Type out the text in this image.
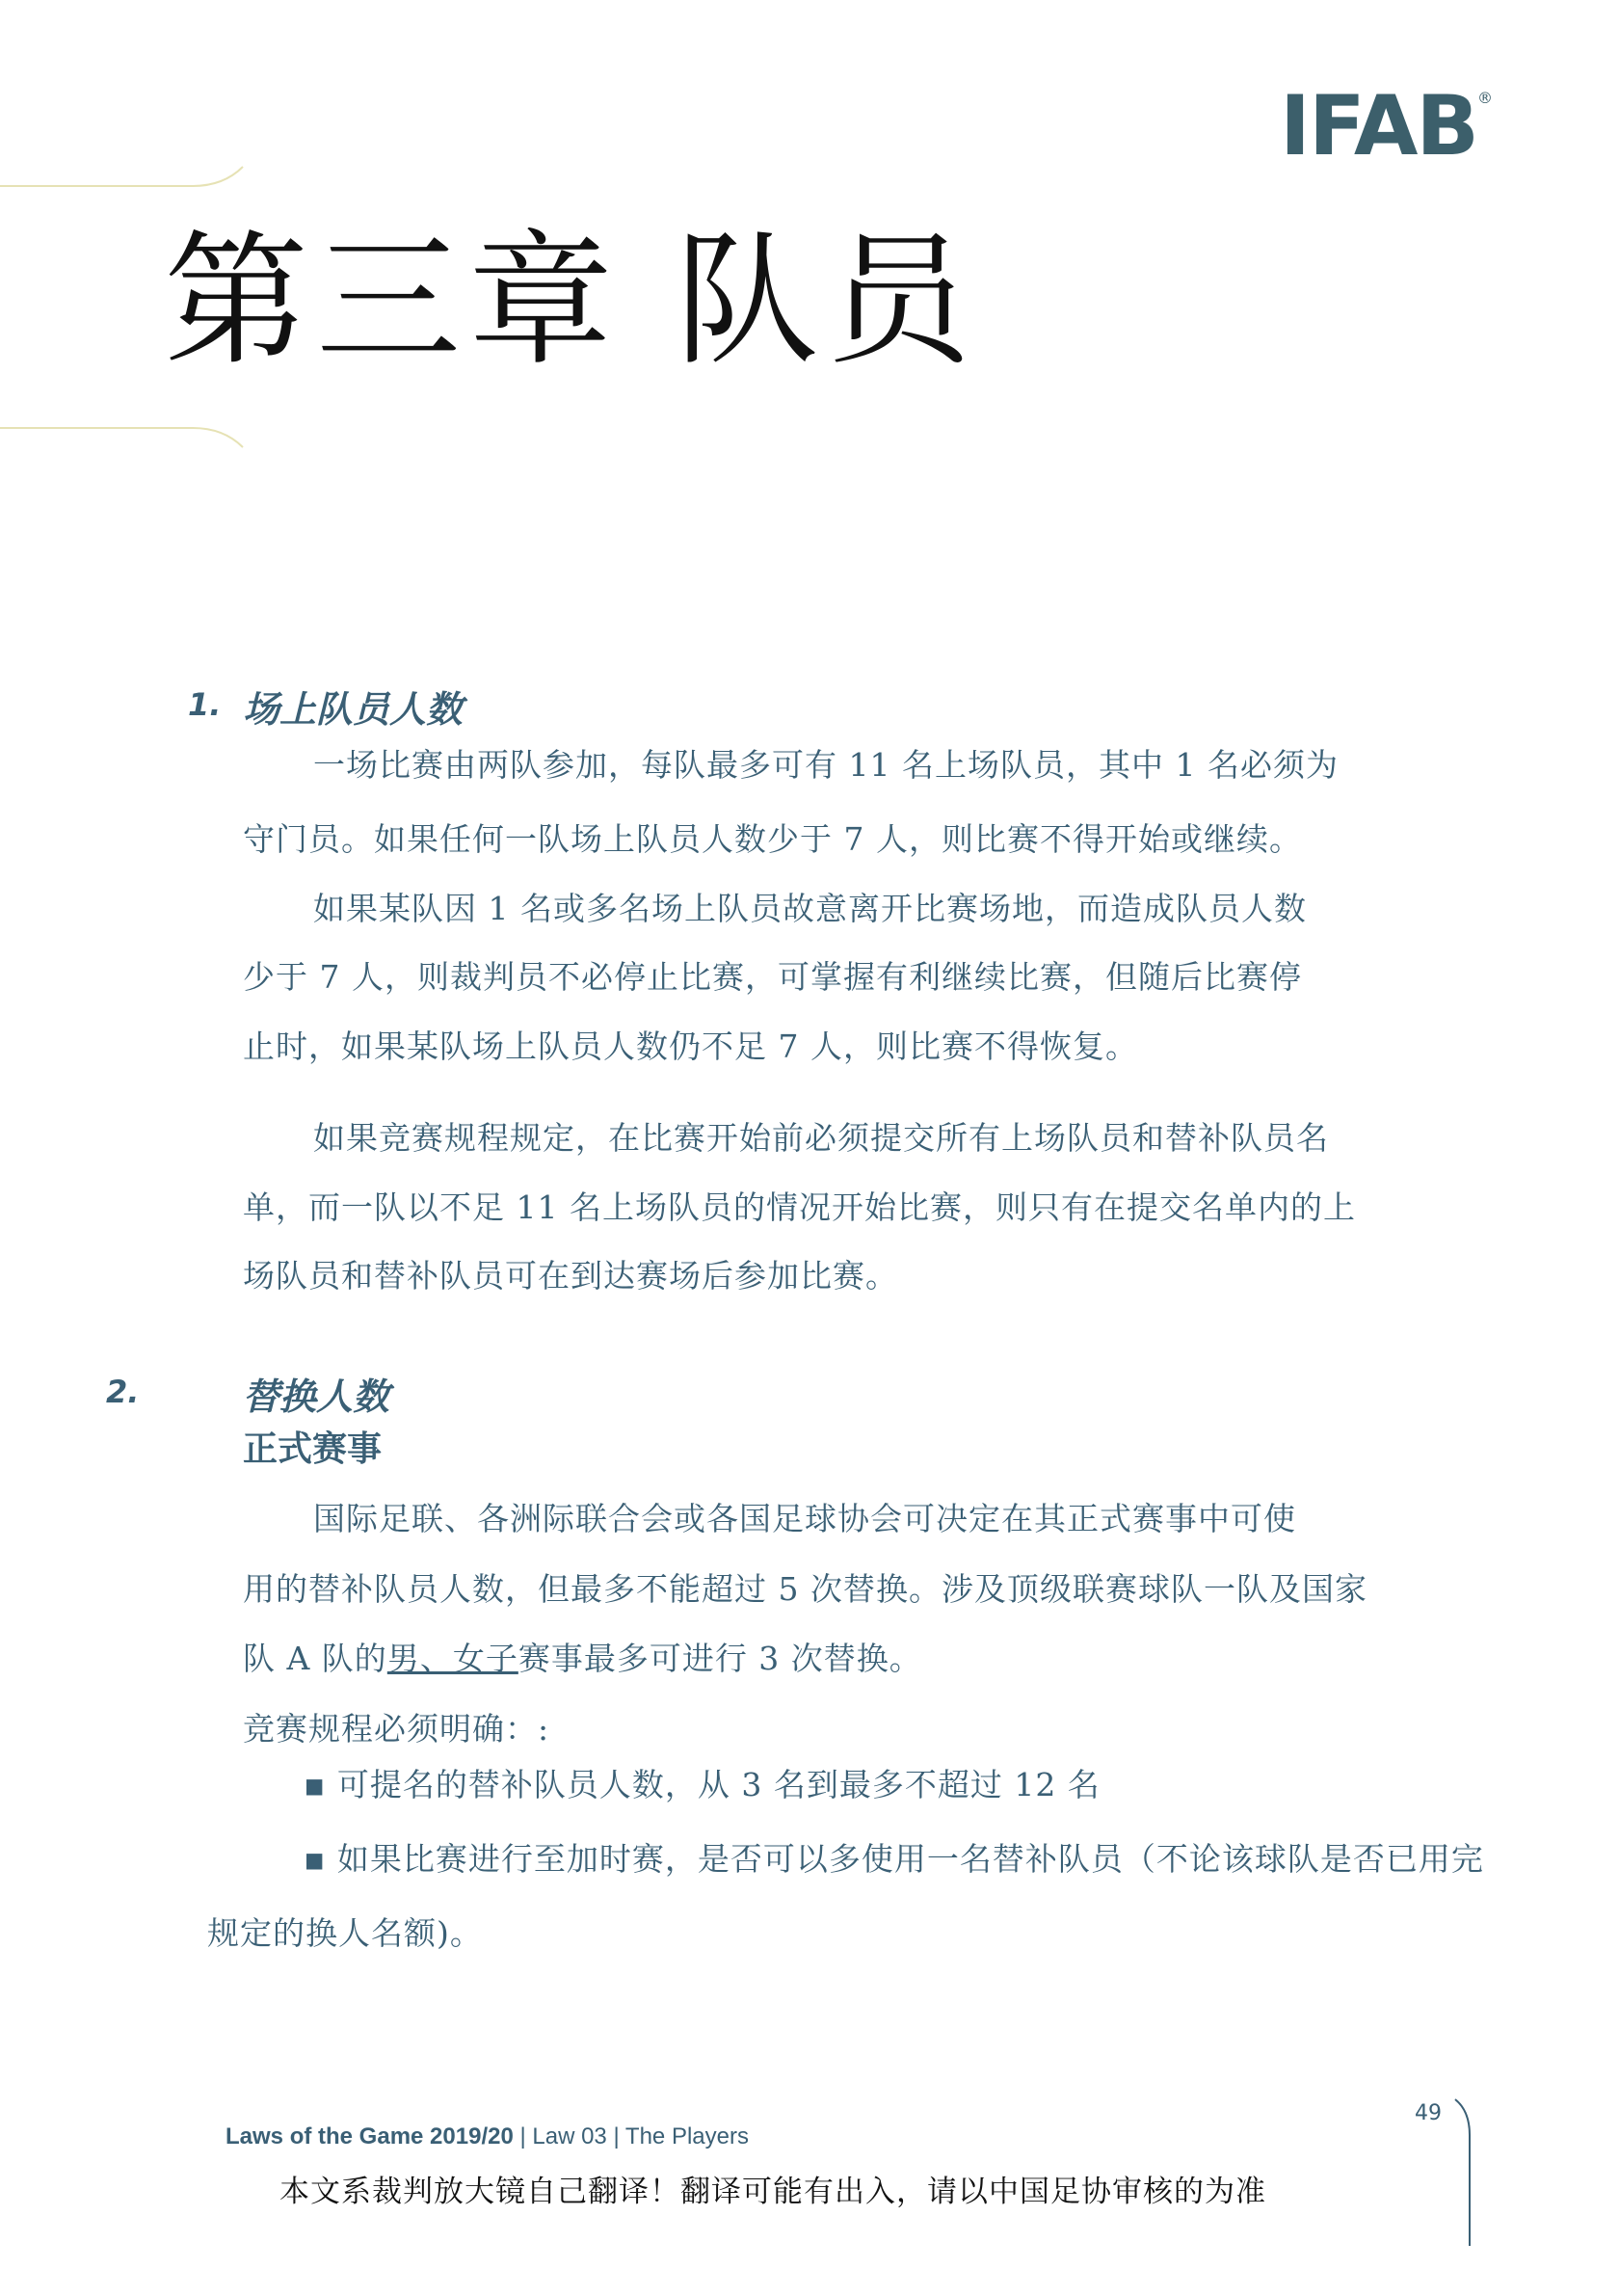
IFAB®
第三章 队员
1. 场上队员人数
一场比赛由两队参加，每队最多可有 11 名上场队员，其中 1 名必须为
守门员。如果任何一队场上队员人数少于 7 人，则比赛不得开始或继续。
如果某队因 1 名或多名场上队员故意离开比赛场地，而造成队员人数
少于 7 人，则裁判员不必停止比赛，可掌握有利继续比赛，但随后比赛停
止时，如果某队场上队员人数仍不足 7 人，则比赛不得恢复。
如果竞赛规程规定，在比赛开始前必须提交所有上场队员和替补队员名
单，而一队以不足 11 名上场队员的情况开始比赛，则只有在提交名单内的上
场队员和替补队员可在到达赛场后参加比赛。
2.	替换人数
正式赛事
国际足联、各洲际联合会或各国足球协会可决定在其正式赛事中可使
用的替补队员人数，但最多不能超过 5 次替换。涉及顶级联赛球队一队及国家
队 A 队的男、女子赛事最多可进行 3 次替换。
竞赛规程必须明确：:
▪ 可提名的替补队员人数，从 3 名到最多不超过 12 名
▪ 如果比赛进行至加时赛，是否可以多使用一名替补队员（不论该球队是否已用完
规定的换人名额)。
49
Laws of the Game 2019/20 | Law 03 | The Players
本文系裁判放大镜自己翻译！翻译可能有出入，请以中国足协审核的为准
